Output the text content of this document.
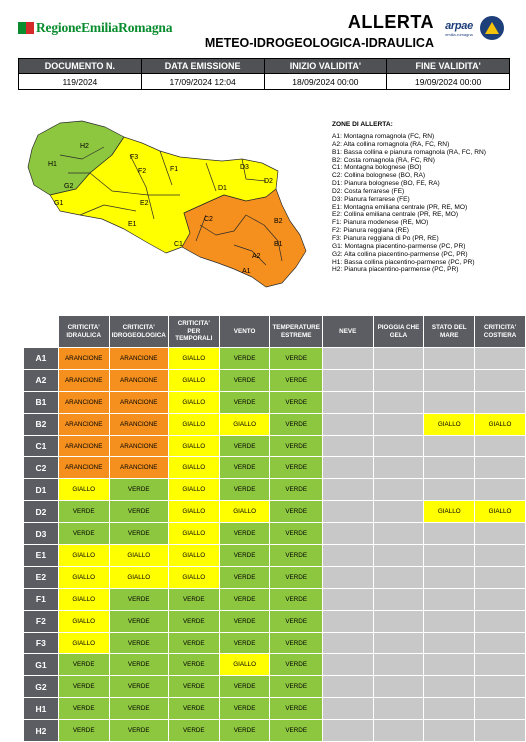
RegioneEmiliaRomagna	ALLERTA
METEO-IDROGEOLOGICA-IDRAULICA
arpae
emilia-romagna
DOCUMENTO N.	DATA EMISSIONE	INIZIO VALIDITA'	FINE VALIDITA'
119/2024	17/09/2024 12:04	18/09/2024 00:00	19/09/2024 00:00
H2
H1
G2
G1
F3
F2	F1
E2
E1
D3
D2
D1
C2
C1
B2
B1
A2
A1
ZONE DI ALLERTA:
A1: Montagna romagnola (FC, RN)
A2: Alta collina romagnola (RA, FC, RN)
B1: Bassa collina e pianura romagnola (RA, FC, RN)
B2: Costa romagnola (RA, FC, RN)
C1: Montagna bolognese (BO)
C2: Collina bolognese (BO, RA)
D1: Pianura bolognese (BO, FE, RA)
D2: Costa ferrarese (FE)
D3: Pianura ferrarese (FE)
E1: Montagna emiliana centrale (PR, RE, MO)
E2: Collina emiliana centrale (PR, RE, MO)
F1: Pianura modenese (RE, MO)
F2: Pianura reggiana (RE)
F3: Pianura reggiana di Po (PR, RE)
G1: Montagna piacentino-parmense (PC, PR)
G2: Alta collina piacentino-parmense (PC, PR)
H1: Bassa collina piacentino-parmense (PC, PR)
H2: Pianura piacentino-parmense (PC, PR)
	CRITICITA' IDRAULICA	CRITICITA' IDROGEOLOGICA	CRITICITA' PER TEMPORALI	VENTO	TEMPERATURE ESTREME	NEVE	PIOGGIA CHE GELA	STATO DEL MARE	CRITICITA' COSTIERA
A1	ARANCIONE	ARANCIONE	GIALLO	VERDE	VERDE				
A2	ARANCIONE	ARANCIONE	GIALLO	VERDE	VERDE				
B1	ARANCIONE	ARANCIONE	GIALLO	VERDE	VERDE				
B2	ARANCIONE	ARANCIONE	GIALLO	GIALLO	VERDE			GIALLO	GIALLO
C1	ARANCIONE	ARANCIONE	GIALLO	VERDE	VERDE				
C2	ARANCIONE	ARANCIONE	GIALLO	VERDE	VERDE				
D1	GIALLO	VERDE	GIALLO	VERDE	VERDE				
D2	VERDE	VERDE	GIALLO	GIALLO	VERDE			GIALLO	GIALLO
D3	VERDE	VERDE	GIALLO	VERDE	VERDE				
E1	GIALLO	GIALLO	GIALLO	VERDE	VERDE				
E2	GIALLO	GIALLO	GIALLO	VERDE	VERDE				
F1	GIALLO	VERDE	VERDE	VERDE	VERDE				
F2	GIALLO	VERDE	VERDE	VERDE	VERDE				
F3	GIALLO	VERDE	VERDE	VERDE	VERDE				
G1	VERDE	VERDE	VERDE	GIALLO	VERDE				
G2	VERDE	VERDE	VERDE	VERDE	VERDE				
H1	VERDE	VERDE	VERDE	VERDE	VERDE				
H2	VERDE	VERDE	VERDE	VERDE	VERDE				
